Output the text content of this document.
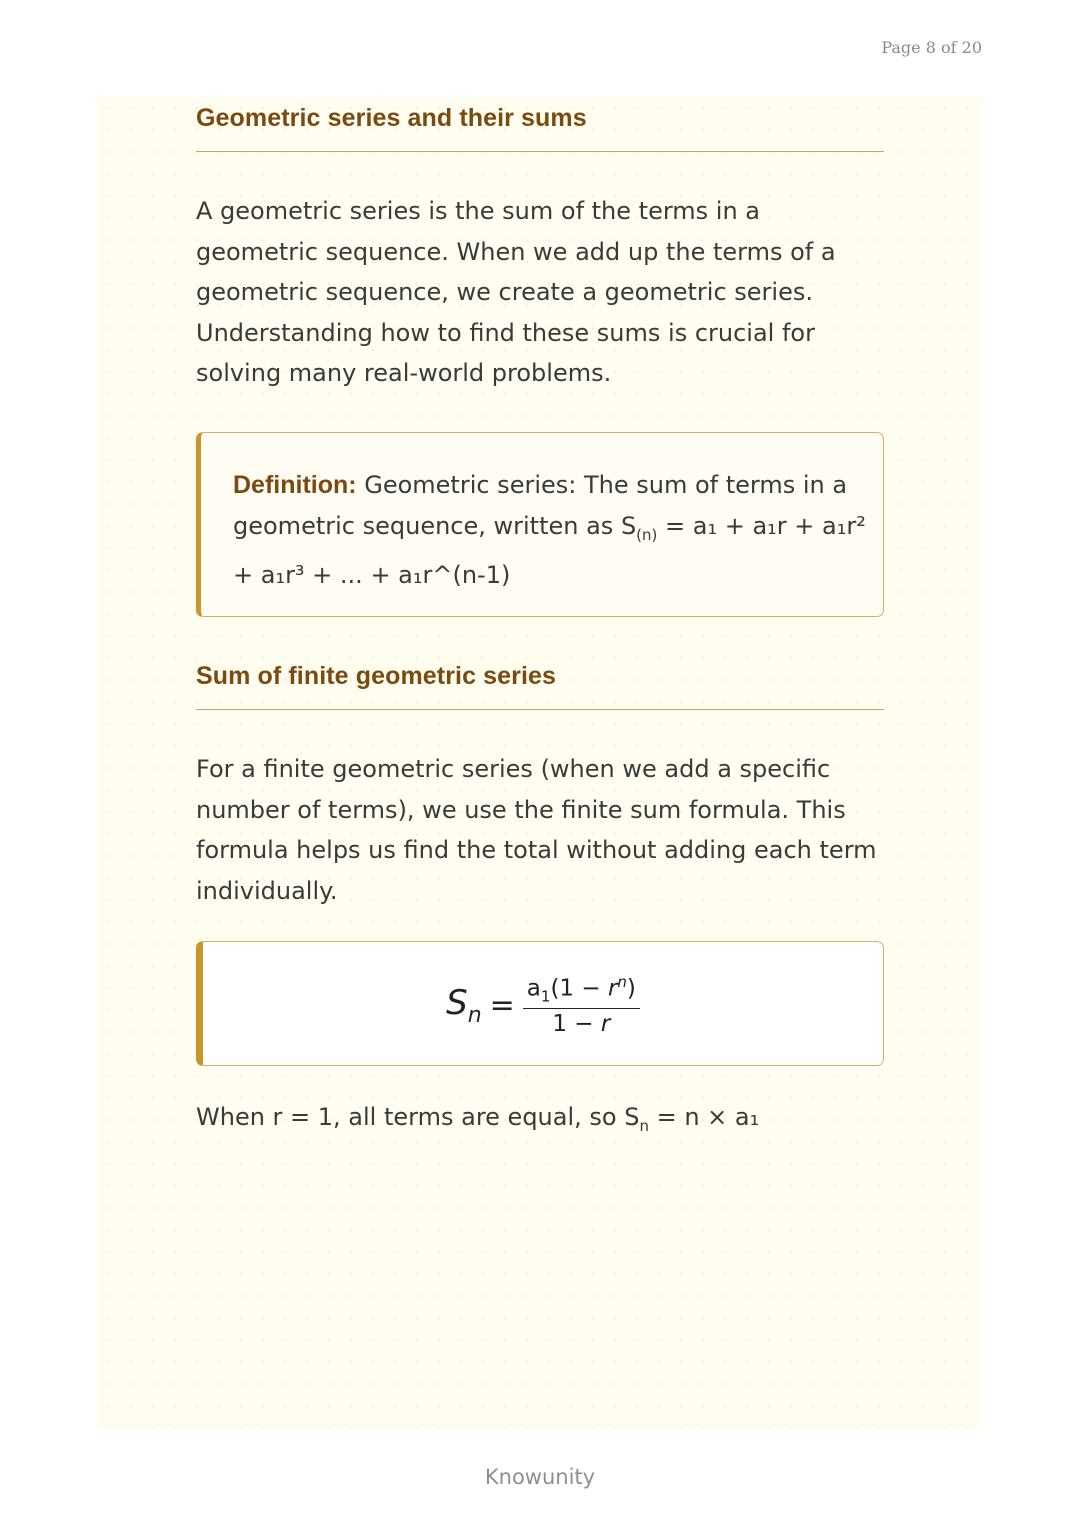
Page 8 of 20
Geometric series and their sums
A geometric series is the sum of the terms in a geometric sequence. When we add up the terms of a geometric sequence, we create a geometric series. Understanding how to find these sums is crucial for solving many real-world problems.
Definition: Geometric series: The sum of terms in a geometric sequence, written as $S_{(n)} = a_1 + a_1r + a_1r^2 + a_1r^3$ + ... + a₁r^(n-1)
Sum of finite geometric series
For a finite geometric series (when we add a specific number of terms), we use the finite sum formula. This formula helps us find the total without adding each term individually.
$S_n = \frac{a_1(1 - r^n)}{1 - r}$
When r = 1, all terms are equal, so $S_n = n \times a_1$
Knowunity
